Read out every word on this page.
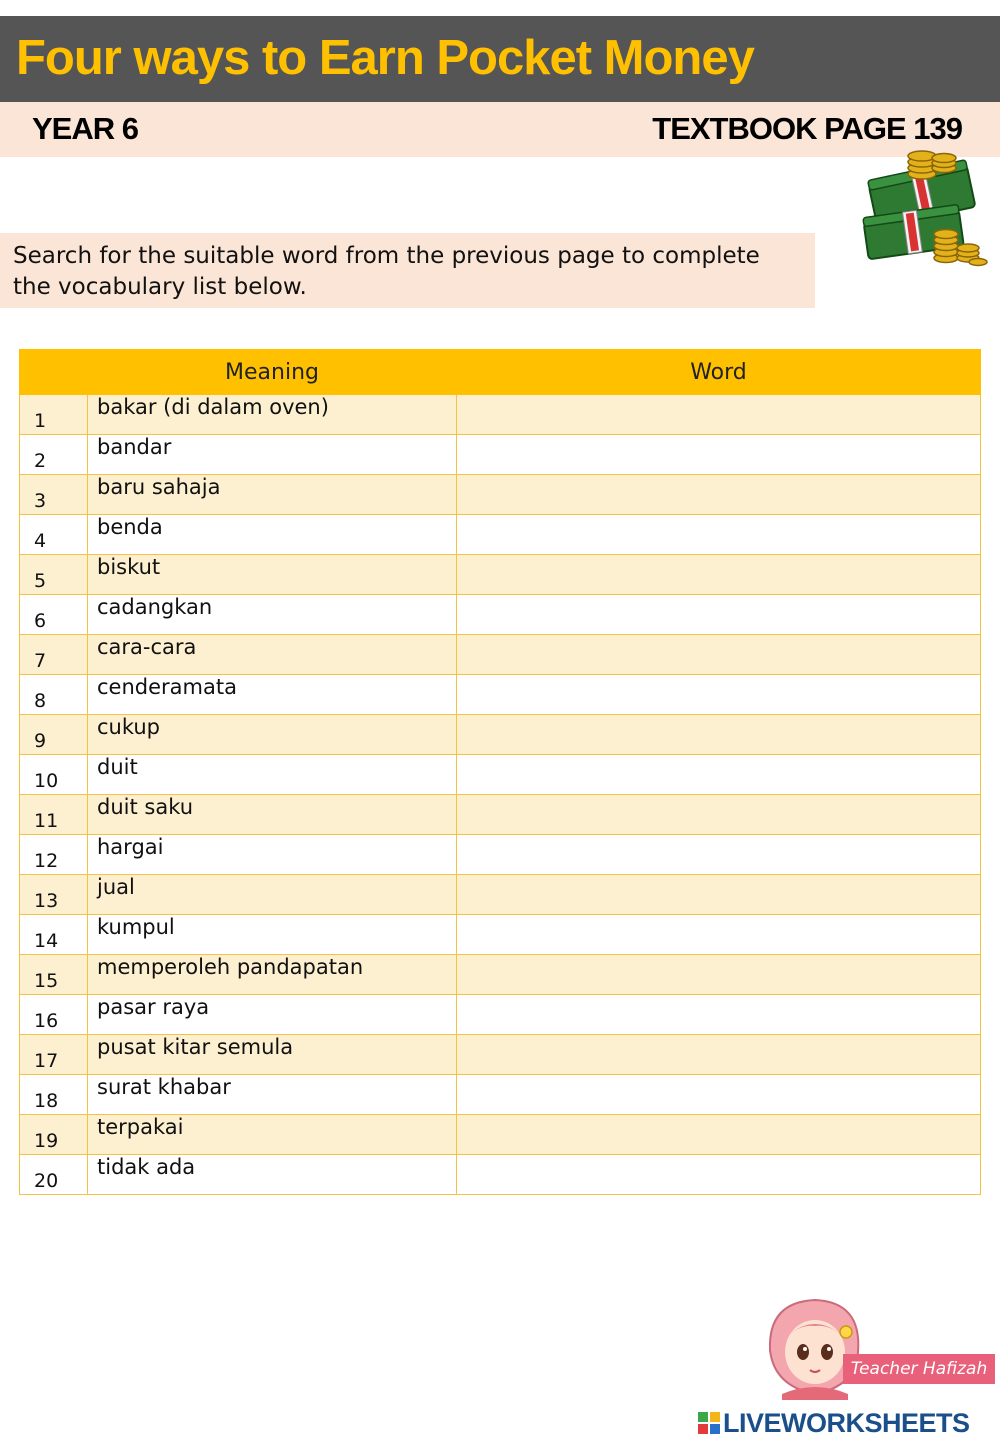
Four ways to Earn Pocket Money
YEAR 6	TEXTBOOK PAGE 139
Search for the suitable word from the previous page to complete the vocabulary list below.
	Meaning	Word

1	bakar (di dalam oven)	

2	bandar	

3	baru sahaja	

4	benda	

5	biskut	

6	cadangkan	

7	cara-cara	

8	cenderamata	

9	cukup	

10	duit	

11	duit saku	

12	hargai	

13	jual	

14	kumpul	

15	memperoleh pandapatan	

16	pasar raya	

17	pusat kitar semula	

18	surat khabar	

19	terpakai	

20	tidak ada	

Teacher Hafizah
LIVEWORKSHEETS
